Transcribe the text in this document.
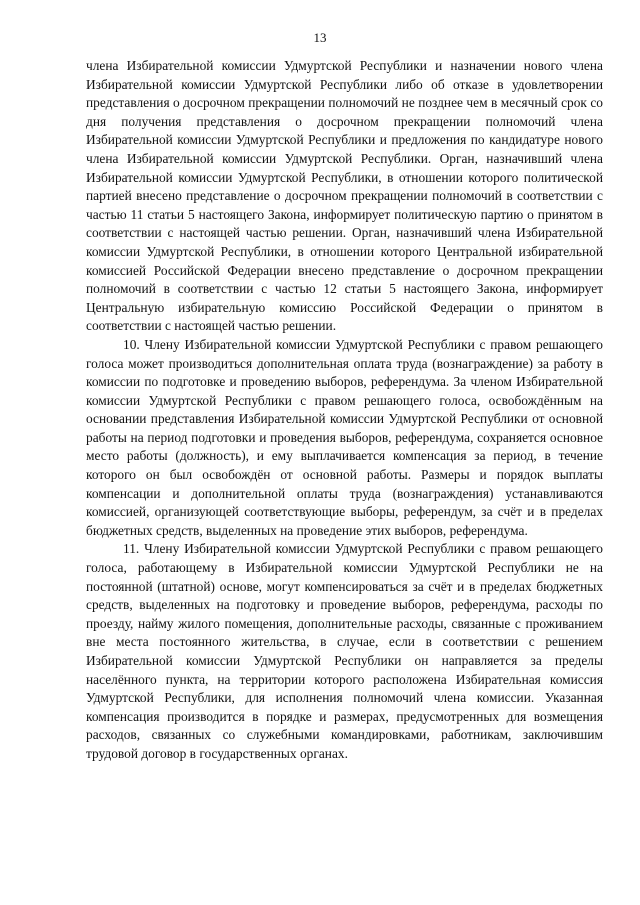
13

члена Избирательной комиссии Удмуртской Республики и назначении нового члена Избирательной комиссии Удмуртской Республики либо об отказе в удовлетворении представления о досрочном прекращении полномочий не позднее чем в месячный срок со дня получения представления о досрочном прекращении полномочий члена Избирательной комиссии Удмуртской Республики и предложения по кандидатуре нового члена Избирательной комиссии Удмуртской Республики. Орган, назначивший члена Избирательной комиссии Удмуртской Республики, в отношении которого политической партией внесено представление о досрочном прекращении полномочий в соответствии с частью 11 статьи 5 настоящего Закона, информирует политическую партию о принятом в соответствии с настоящей частью решении. Орган, назначивший члена Избирательной комиссии Удмуртской Республики, в отношении которого Центральной избирательной комиссией Российской Федерации внесено представление о досрочном прекращении полномочий в соответствии с частью 12 статьи 5 настоящего Закона, информирует Центральную избирательную комиссию Российской Федерации о принятом в соответствии с настоящей частью решении.

10. Члену Избирательной комиссии Удмуртской Республики с правом решающего голоса может производиться дополнительная оплата труда (вознаграждение) за работу в комиссии по подготовке и проведению выборов, референдума. За членом Избирательной комиссии Удмуртской Республики с правом решающего голоса, освобождённым на основании представления Избирательной комиссии Удмуртской Республики от основной работы на период подготовки и проведения выборов, референдума, сохраняется основное место работы (должность), и ему выплачивается компенсация за период, в течение которого он был освобождён от основной работы. Размеры и порядок выплаты компенсации и дополнительной оплаты труда (вознаграждения) устанавливаются комиссией, организующей соответствующие выборы, референдум, за счёт и в пределах бюджетных средств, выделенных на проведение этих выборов, референдума.

11. Члену Избирательной комиссии Удмуртской Республики с правом решающего голоса, работающему в Избирательной комиссии Удмуртской Республики не на постоянной (штатной) основе, могут компенсироваться за счёт и в пределах бюджетных средств, выделенных на подготовку и проведение выборов, референдума, расходы по проезду, найму жилого помещения, дополнительные расходы, связанные с проживанием вне места постоянного жительства, в случае, если в соответствии с решением Избирательной комиссии Удмуртской Республики он направляется за пределы населённого пункта, на территории которого расположена Избирательная комиссия Удмуртской Республики, для исполнения полномочий члена комиссии. Указанная компенсация производится в порядке и размерах, предусмотренных для возмещения расходов, связанных со служебными командировками, работникам, заключившим трудовой договор в государственных органах.
